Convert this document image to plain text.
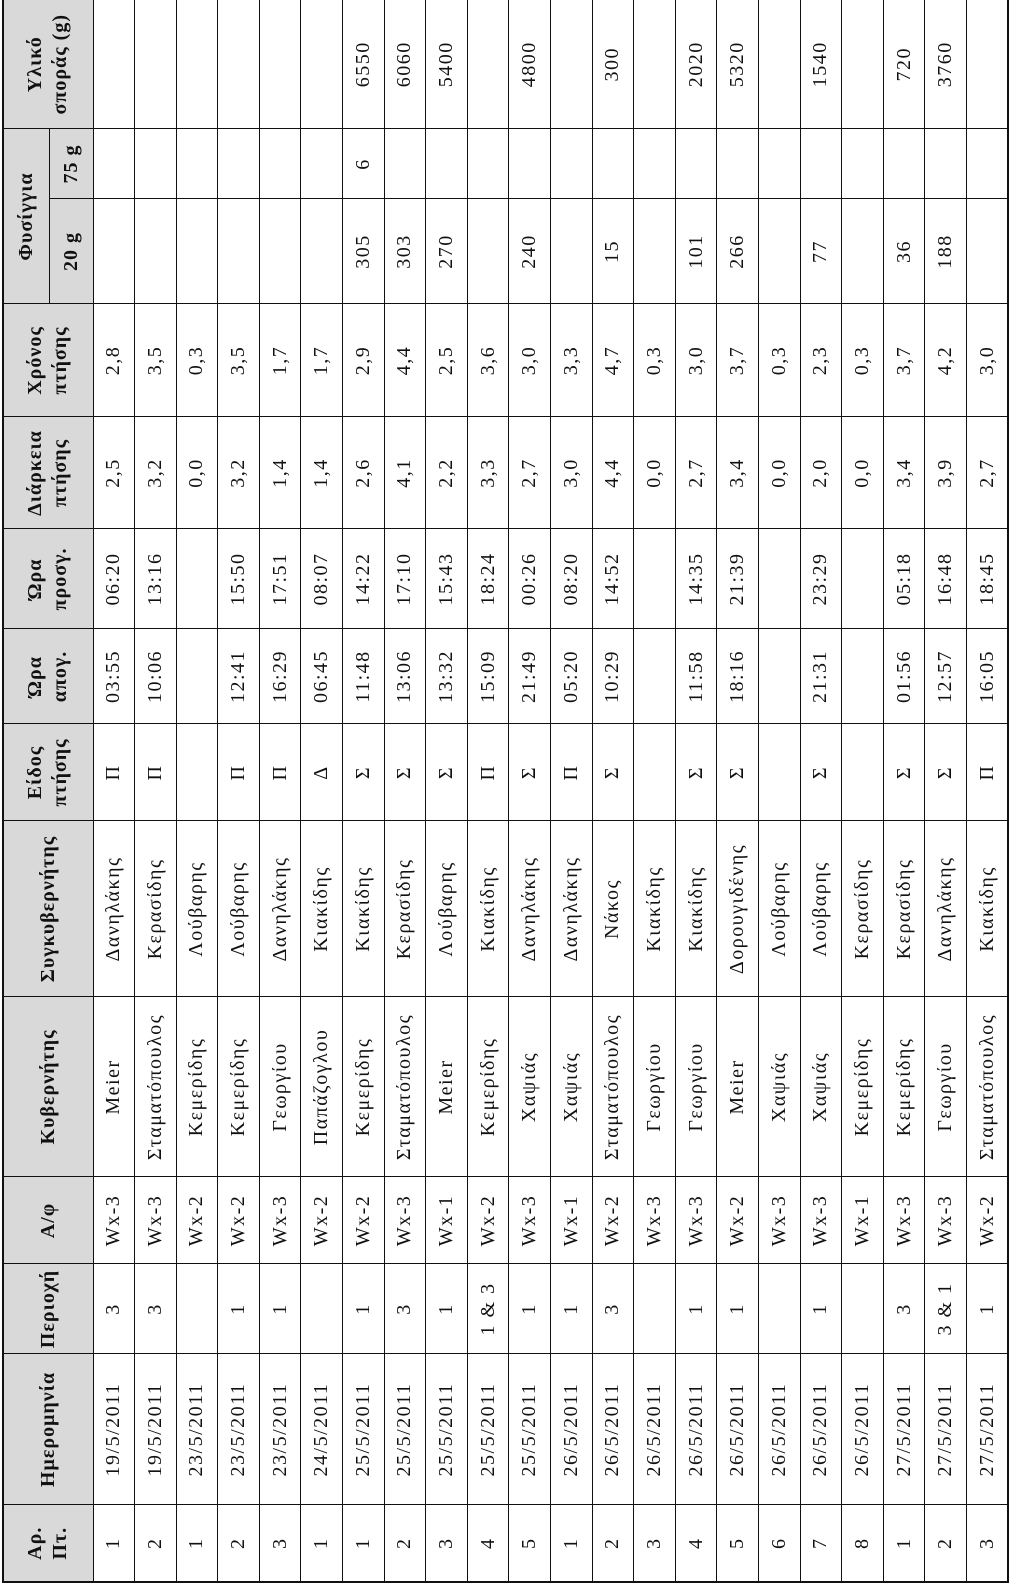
Αρ. Πτ.	Ημερομηνία	Περιοχή	Α/φ	Κυβερνήτης	Συγκυβερνήτης	Είδος πτήσης	Ώρα απογ.	Ώρα προσγ.	Διάρκεια πτήσης	Χρόνος πτήσης	Φυσίγγια		Υλικό σποράς (g)

											20 g	75 g	
1	19/5/2011	3	Wx-3	Meier	Δανηλάκης	Π	03:55	06:20	2,5	2,8			
2	19/5/2011	3	Wx-3	Σταματόπουλος	Κερασίδης	Π	10:06	13:16	3,2	3,5			
1	23/5/2011		Wx-2	Κεμερίδης	Λούβαρης				0,0	0,3			
2	23/5/2011	1	Wx-2	Κεμερίδης	Λούβαρης	Π	12:41	15:50	3,2	3,5			
3	23/5/2011	1	Wx-3	Γεωργίου	Δανηλάκης	Π	16:29	17:51	1,4	1,7			
1	24/5/2011		Wx-2	Παπάζογλου	Κιακίδης	Δ	06:45	08:07	1,4	1,7			
1	25/5/2011	1	Wx-2	Κεμερίδης	Κιακίδης	Σ	11:48	14:22	2,6	2,9	305	6	6550
2	25/5/2011	3	Wx-3	Σταματόπουλος	Κερασίδης	Σ	13:06	17:10	4,1	4,4	303		6060
3	25/5/2011	1	Wx-1	Meier	Λούβαρης	Σ	13:32	15:43	2,2	2,5	270		5400
4	25/5/2011	1 & 3	Wx-2	Κεμερίδης	Κιακίδης	Π	15:09	18:24	3,3	3,6			
5	25/5/2011	1	Wx-3	Χαψιάς	Δανηλάκης	Σ	21:49	00:26	2,7	3,0	240		4800
1	26/5/2011	1	Wx-1	Χαψιάς	Δανηλάκης	Π	05:20	08:20	3,0	3,3			
2	26/5/2011	3	Wx-2	Σταματόπουλος	Νάκος	Σ	10:29	14:52	4,4	4,7	15		300
3	26/5/2011		Wx-3	Γεωργίου	Κιακίδης				0,0	0,3			
4	26/5/2011	1	Wx-3	Γεωργίου	Κιακίδης	Σ	11:58	14:35	2,7	3,0	101		2020
5	26/5/2011	1	Wx-2	Meier	Δορουγιδένης	Σ	18:16	21:39	3,4	3,7	266		5320
6	26/5/2011		Wx-3	Χαψιάς	Λούβαρης				0,0	0,3			
7	26/5/2011	1	Wx-3	Χαψιάς	Λούβαρης	Σ	21:31	23:29	2,0	2,3	77		1540
8	26/5/2011		Wx-1	Κεμερίδης	Κερασίδης				0,0	0,3			
1	27/5/2011	3	Wx-3	Κεμερίδης	Κερασίδης	Σ	01:56	05:18	3,4	3,7	36		720
2	27/5/2011	3 & 1	Wx-3	Γεωργίου	Δανηλάκης	Σ	12:57	16:48	3,9	4,2	188		3760
3	27/5/2011	1	Wx-2	Σταματόπουλος	Κιακίδης	Π	16:05	18:45	2,7	3,0			
